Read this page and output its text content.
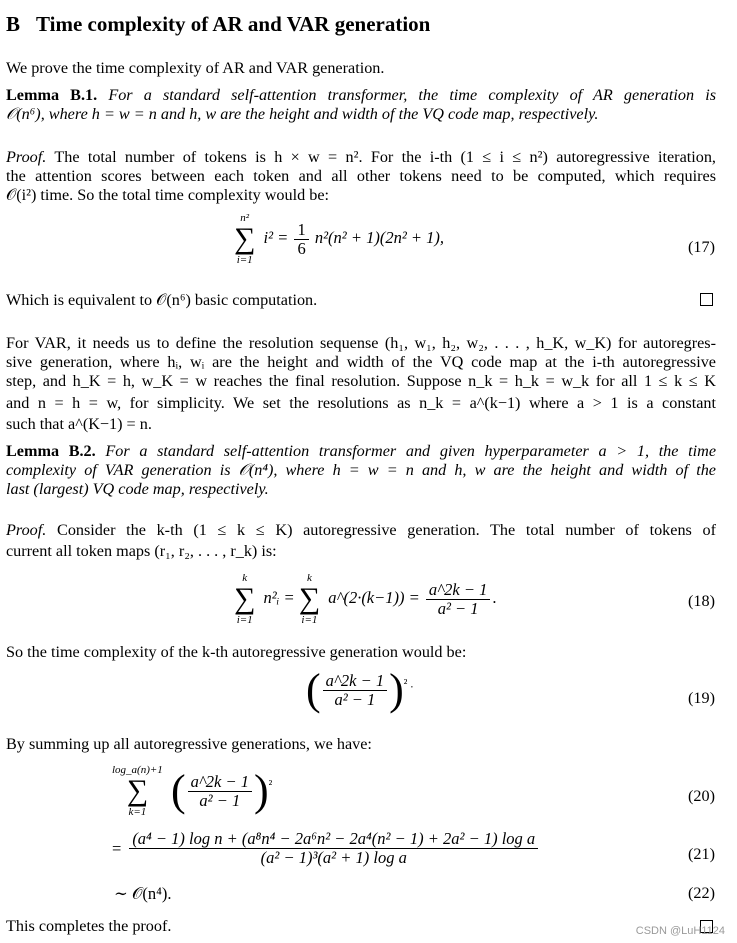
B Time complexity of AR and VAR generation
We prove the time complexity of AR and VAR generation.
Lemma B.1. For a standard self-attention transformer, the time complexity of AR generation is
𝒪(n⁶), where h = w = n and h, w are the height and width of the VQ code map, respectively.
Proof. The total number of tokens is h × w = n². For the i-th (1 ≤ i ≤ n²) autoregressive iteration,
the attention scores between each token and all other tokens need to be computed, which requires
𝒪(i²) time. So the total time complexity would be:
n²
∑
i=1
$i^2 = \frac{1}{6} n^2(n^2 + 1)(2n^2 + 1)$,
(17)
Which is equivalent to 𝒪(n⁶) basic computation.
For VAR, it needs us to define the resolution sequense (h₁, w₁, h₂, w₂, . . . , h_K, w_K) for autoregres-
sive generation, where hᵢ, wᵢ are the height and width of the VQ code map at the i-th autoregressive
step, and h_K = h, w_K = w reaches the final resolution. Suppose n_k = h_k = w_k for all 1 ≤ k ≤ K
and n = h = w, for simplicity. We set the resolutions as n_k = a^(k−1) where a > 1 is a constant
such that a^(K−1) = n.
Lemma B.2. For a standard self-attention transformer and given hyperparameter a > 1, the time
complexity of VAR generation is 𝒪(n⁴), where h = w = n and h, w are the height and width of the
last (largest) VQ code map, respectively.
Proof. Consider the k-th (1 ≤ k ≤ K) autoregressive generation. The total number of tokens of
current all token maps (r₁, r₂, . . . , r_k) is:
k
∑
i=1
n²ᵢ =
k
∑
i=1
a^(2·(k−1)) = $\frac{a\^{}2k - 1}{\text{a² − 1}}$ .	(18)
So the time complexity of the k-th autoregressive generation would be:
( $\frac{a\^{}2k - 1}{\text{a² − 1}} )^{^2 .}$
(19)
By summing up all autoregressive generations, we have:
log_a(n)+1
∑
k=1 ( $\frac{a\^{}2k - 1}{\text{a² − 1}} )^{^2}$
(20)
= (a⁴ − 1) log n + (a⁸n⁴ − 2a⁶n² − 2a⁴(n² − 1) + 2a² − 1) log a
(a² − 1)³(a² + 1) log a	(21)
∼ 𝒪(n⁴).	(22)
This completes the proof.	CSDN @LuH1124
